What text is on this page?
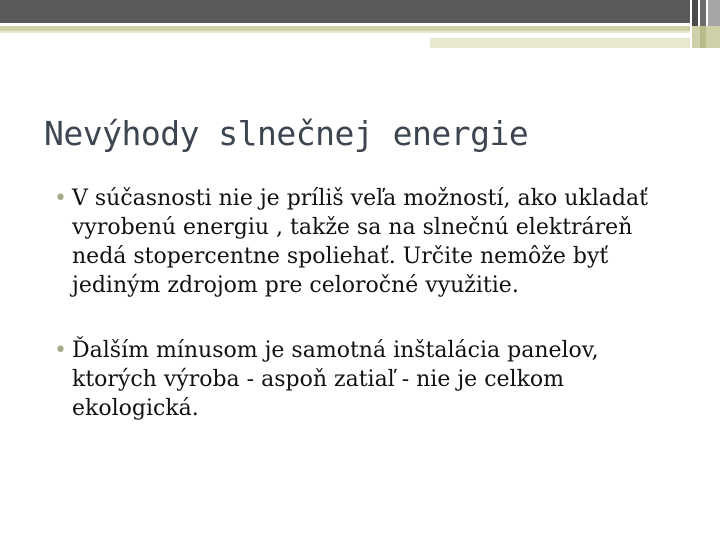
Nevýhody slnečnej energie
• V súčasnosti nie je príliš veľa možností, ako ukladať vyrobenú energiu , takže sa na slnečnú elektráreň nedá stopercentne spoliehať. Určite nemôže byť jediným zdrojom pre celoročné využitie.
• Ďalším mínusom je samotná inštalácia panelov, ktorých výroba - aspoň zatiaľ - nie je celkom ekologická.
